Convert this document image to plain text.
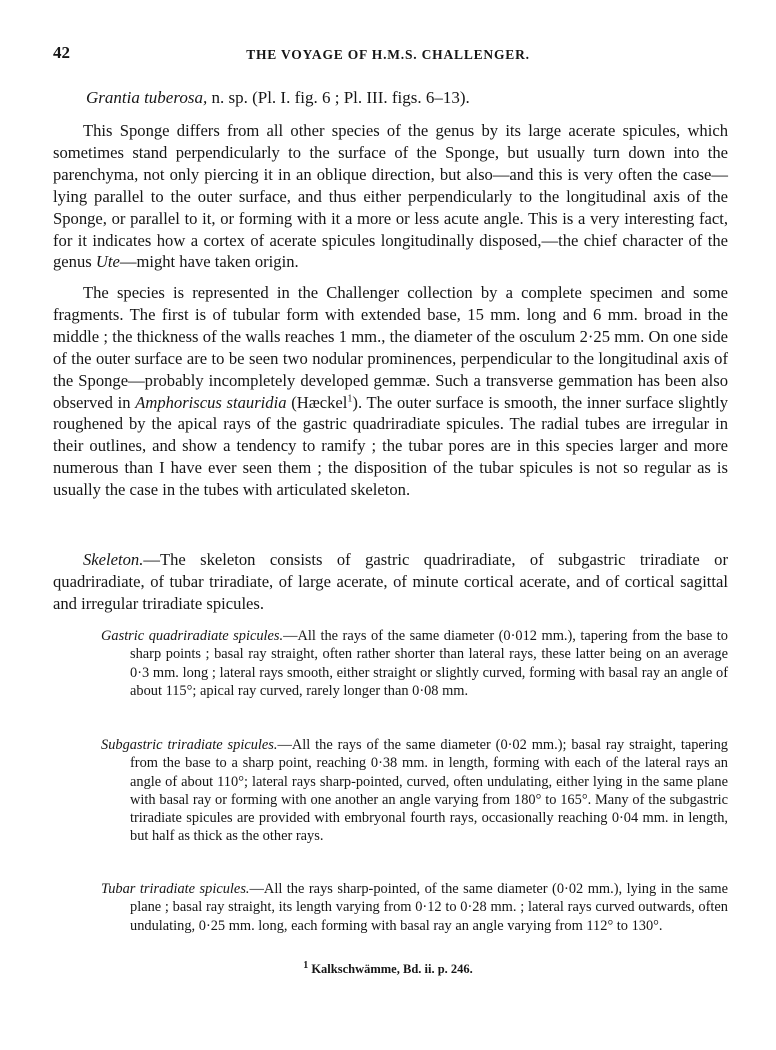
42	THE VOYAGE OF H.M.S. CHALLENGER.
Grantia tuberosa, n. sp. (Pl. I. fig. 6 ; Pl. III. figs. 6–13).

This Sponge differs from all other species of the genus by its large acerate spicules, which sometimes stand perpendicularly to the surface of the Sponge, but usually turn down into the parenchyma, not only piercing it in an oblique direction, but also—and this is very often the case—lying parallel to the outer surface, and thus either perpendicularly to the longitudinal axis of the Sponge, or parallel to it, or forming with it a more or less acute angle. This is a very interesting fact, for it indicates how a cortex of acerate spicules longitudinally disposed,—the chief character of the genus Ute—might have taken origin.

The species is represented in the Challenger collection by a complete specimen and some fragments. The first is of tubular form with extended base, 15 mm. long and 6 mm. broad in the middle ; the thickness of the walls reaches 1 mm., the diameter of the osculum 2·25 mm. On one side of the outer surface are to be seen two nodular prominences, perpendicular to the longitudinal axis of the Sponge—probably incompletely developed gemmæ. Such a transverse gemmation has been also observed in Amphoriscus stauridia (Hæckel$^1$). The outer surface is smooth, the inner surface slightly roughened by the apical rays of the gastric quadriradiate spicules. The radial tubes are irregular in their outlines, and show a tendency to ramify ; the tubar pores are in this species larger and more numerous than I have ever seen them ; the disposition of the tubar spicules is not so regular as is usually the case in the tubes with articulated skeleton.

Skeleton.—The skeleton consists of gastric quadriradiate, of subgastric triradiate or quadriradiate, of tubar triradiate, of large acerate, of minute cortical acerate, and of cortical sagittal and irregular triradiate spicules.

Gastric quadriradiate spicules.—All the rays of the same diameter (0·012 mm.), tapering from the base to sharp points ; basal ray straight, often rather shorter than lateral rays, these latter being on an average 0·3 mm. long ; lateral rays smooth, either straight or slightly curved, forming with basal ray an angle of about 115°; apical ray curved, rarely longer than 0·08 mm.

Subgastric triradiate spicules.—All the rays of the same diameter (0·02 mm.); basal ray straight, tapering from the base to a sharp point, reaching 0·38 mm. in length, forming with each of the lateral rays an angle of about 110°; lateral rays sharp-pointed, curved, often undulating, either lying in the same plane with basal ray or forming with one another an angle varying from 180° to 165°. Many of the subgastric triradiate spicules are provided with embryonal fourth rays, occasionally reaching 0·04 mm. in length, but half as thick as the other rays.

Tubar triradiate spicules.—All the rays sharp-pointed, of the same diameter (0·02 mm.), lying in the same plane ; basal ray straight, its length varying from 0·12 to 0·28 mm. ; lateral rays curved outwards, often undulating, 0·25 mm. long, each forming with basal ray an angle varying from 112° to 130°.

$^1$ Kalkschwämme, Bd. ii. p. 246.
